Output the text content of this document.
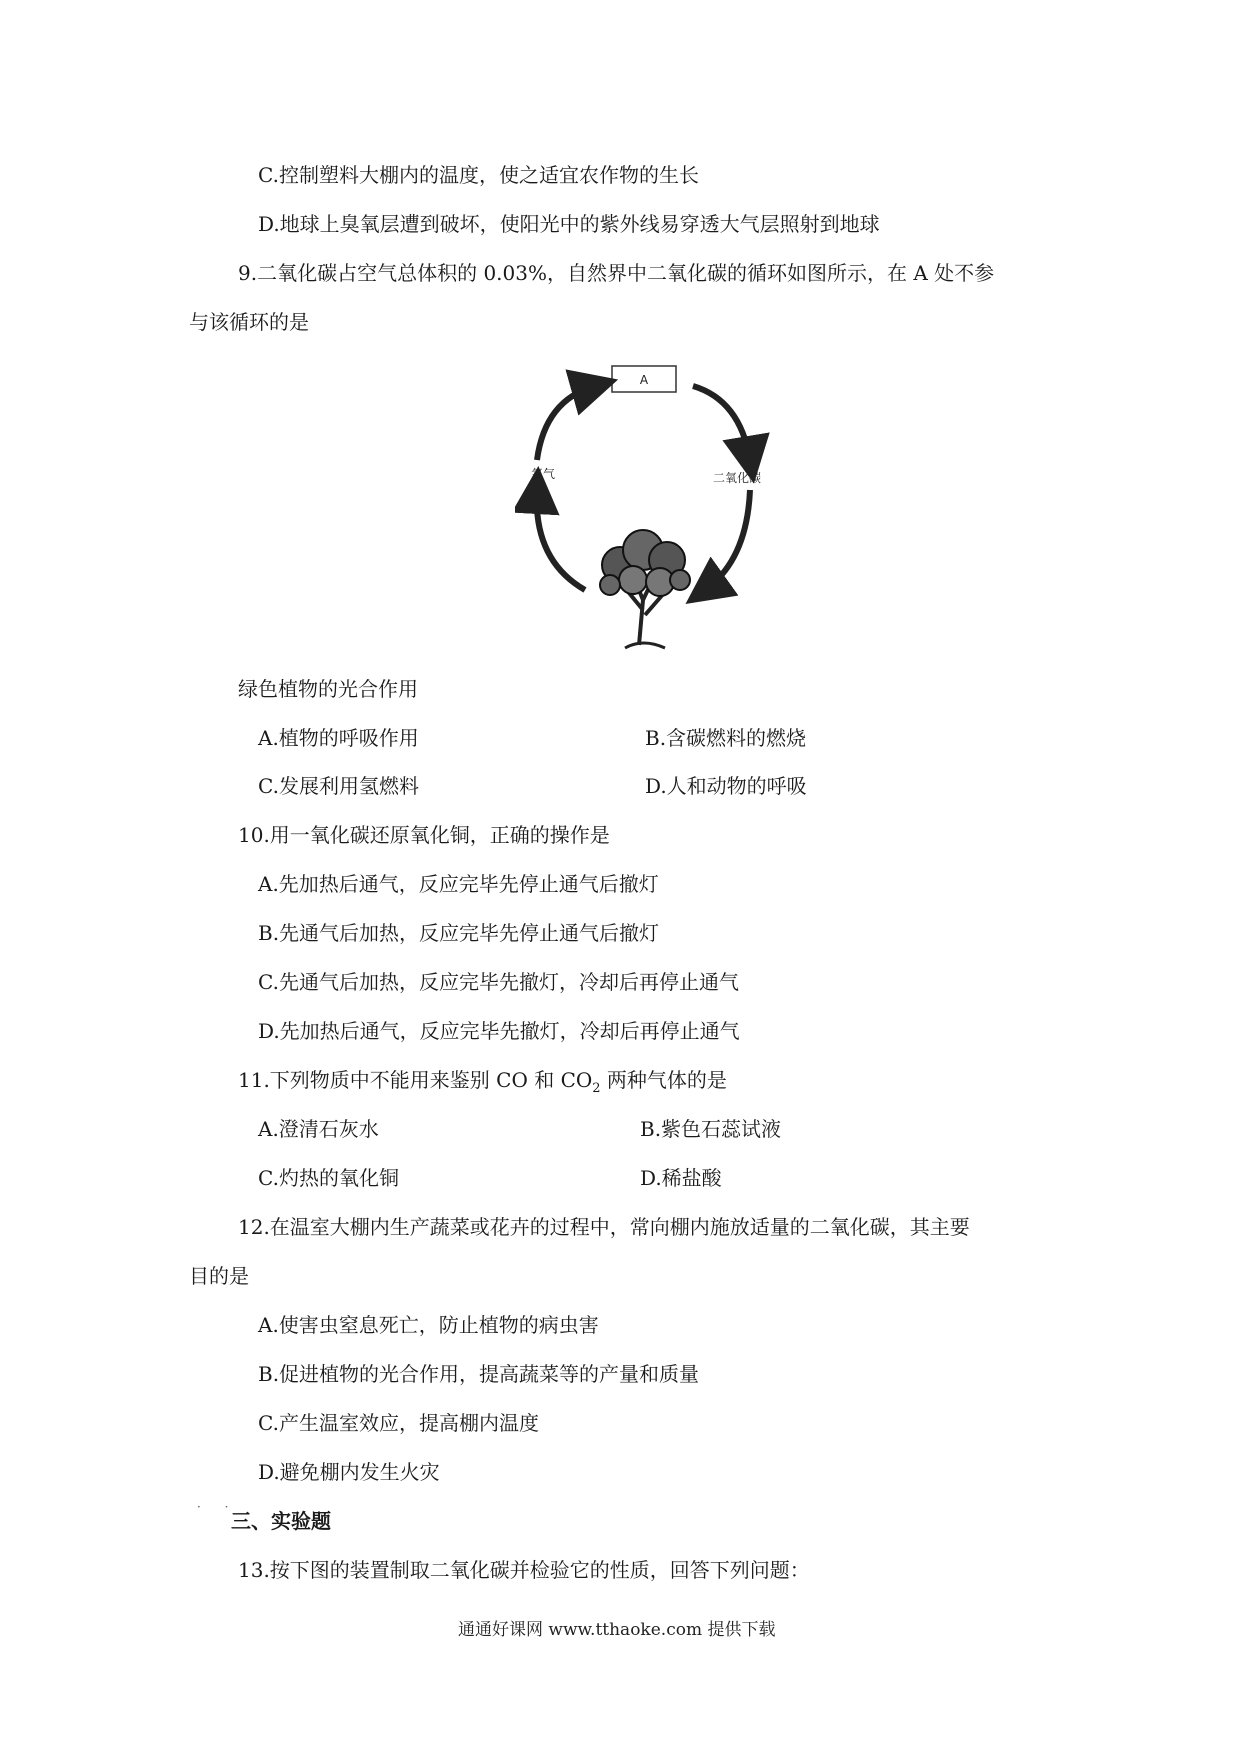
C.控制塑料大棚内的温度，使之适宜农作物的生长
D.地球上臭氧层遭到破坏，使阳光中的紫外线易穿透大气层照射到地球
9.二氧化碳占空气总体积的 0.03%，自然界中二氧化碳的循环如图所示，在 A 处不参
与该循环的是
A
氧气	二氧化碳
绿色植物的光合作用
A.植物的呼吸作用	B.含碳燃料的燃烧
C.发展利用氢燃料	D.人和动物的呼吸
10.用一氧化碳还原氧化铜，正确的操作是
A.先加热后通气，反应完毕先停止通气后撤灯
B.先通气后加热，反应完毕先停止通气后撤灯
C.先通气后加热，反应完毕先撤灯，冷却后再停止通气
D.先加热后通气，反应完毕先撤灯，冷却后再停止通气
11.下列物质中不能用来鉴别 CO 和 $CO_2$ 两种气体的是
A.澄清石灰水	B.紫色石蕊试液
C.灼热的氧化铜	D.稀盐酸
12.在温室大棚内生产蔬菜或花卉的过程中，常向棚内施放适量的二氧化碳，其主要
目的是
A.使害虫窒息死亡，防止植物的病虫害
B.促进植物的光合作用，提高蔬菜等的产量和质量
C.产生温室效应，提高棚内温度
D.避免棚内发生火灾
· ·
三、实验题
13.按下图的装置制取二氧化碳并检验它的性质，回答下列问题：
通通好课网 www.tthaoke.com 提供下载
